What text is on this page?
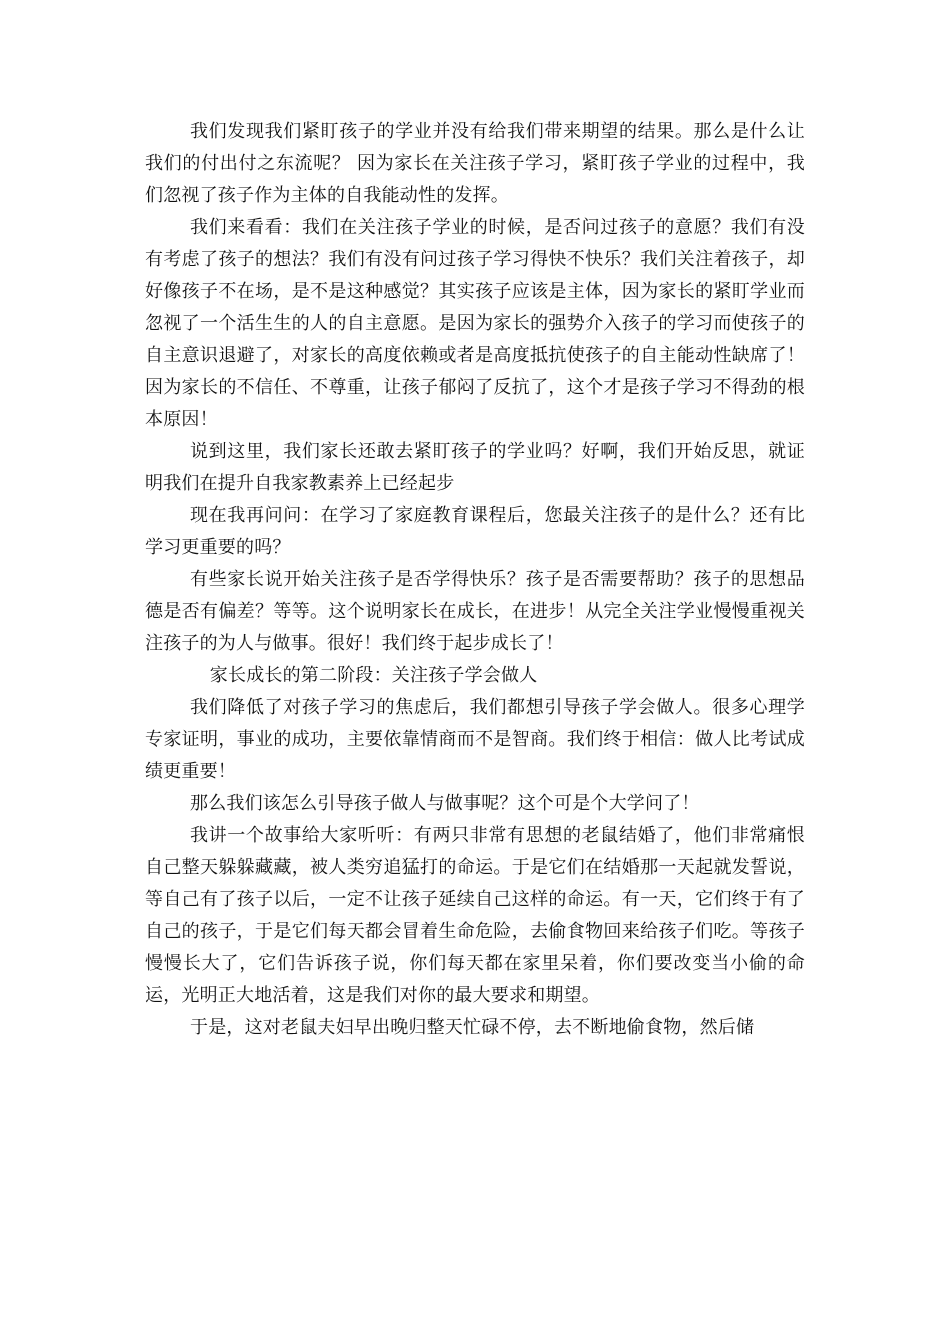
我们发现我们紧盯孩子的学业并没有给我们带来期望的结果。那么是什么让我们的付出付之东流呢？ 因为家长在关注孩子学习，紧盯孩子学业的过程中，我们忽视了孩子作为主体的自我能动性的发挥。

我们来看看：我们在关注孩子学业的时候，是否问过孩子的意愿？我们有没有考虑了孩子的想法？我们有没有问过孩子学习得快不快乐？我们关注着孩子，却好像孩子不在场，是不是这种感觉？其实孩子应该是主体，因为家长的紧盯学业而忽视了一个活生生的人的自主意愿。是因为家长的强势介入孩子的学习而使孩子的自主意识退避了，对家长的高度依赖或者是高度抵抗使孩子的自主能动性缺席了！因为家长的不信任、不尊重，让孩子郁闷了反抗了，这个才是孩子学习不得劲的根本原因！

说到这里，我们家长还敢去紧盯孩子的学业吗？好啊，我们开始反思，就证明我们在提升自我家教素养上已经起步

现在我再问问：在学习了家庭教育课程后，您最关注孩子的是什么？还有比学习更重要的吗？

有些家长说开始关注孩子是否学得快乐？孩子是否需要帮助？孩子的思想品德是否有偏差？等等。这个说明家长在成长，在进步！从完全关注学业慢慢重视关注孩子的为人与做事。很好！我们终于起步成长了！

家长成长的第二阶段：关注孩子学会做人

我们降低了对孩子学习的焦虑后，我们都想引导孩子学会做人。很多心理学专家证明，事业的成功，主要依靠情商而不是智商。我们终于相信：做人比考试成绩更重要！

那么我们该怎么引导孩子做人与做事呢？这个可是个大学问了！

我讲一个故事给大家听听：有两只非常有思想的老鼠结婚了，他们非常痛恨自己整天躲躲藏藏，被人类穷追猛打的命运。于是它们在结婚那一天起就发誓说，等自己有了孩子以后，一定不让孩子延续自己这样的命运。有一天，它们终于有了自己的孩子，于是它们每天都会冒着生命危险，去偷食物回来给孩子们吃。等孩子慢慢长大了，它们告诉孩子说，你们每天都在家里呆着，你们要改变当小偷的命运，光明正大地活着，这是我们对你的最大要求和期望。

于是，这对老鼠夫妇早出晚归整天忙碌不停，去不断地偷食物，然后储
